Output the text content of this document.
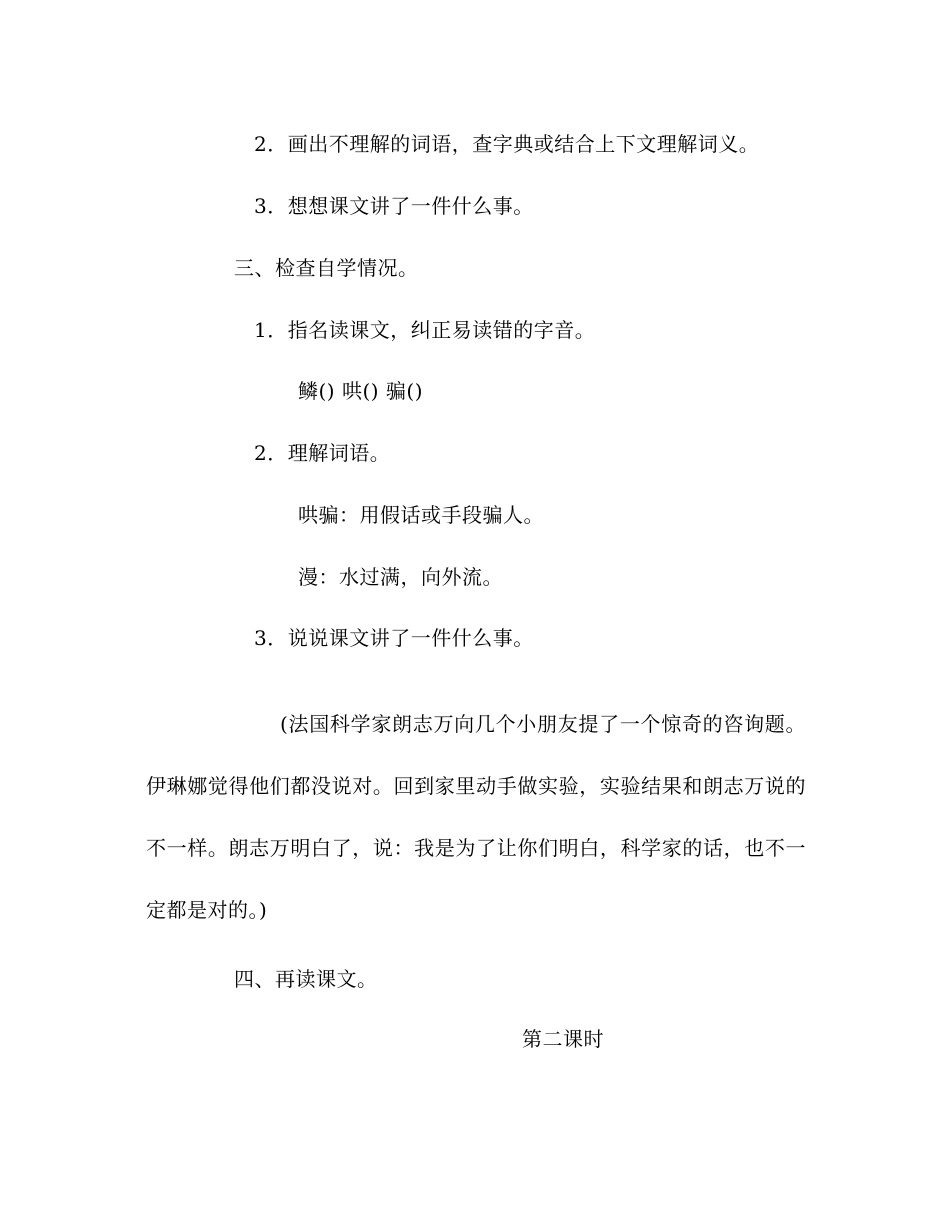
2．画出不理解的词语，查字典或结合上下文理解词义。
3．想想课文讲了一件什么事。
三、检查自学情况。
1．指名读课文，纠正易读错的字音。
鳞() 哄() 骗()
2．理解词语。
哄骗：用假话或手段骗人。
漫：水过满，向外流。
3．说说课文讲了一件什么事。
(法国科学家朗志万向几个小朋友提了一个惊奇的咨询题。伊琳娜觉得他们都没说对。回到家里动手做实验，实验结果和朗志万说的不一样。朗志万明白了，说：我是为了让你们明白，科学家的话，也不一定都是对的。)
四、再读课文。
第二课时
